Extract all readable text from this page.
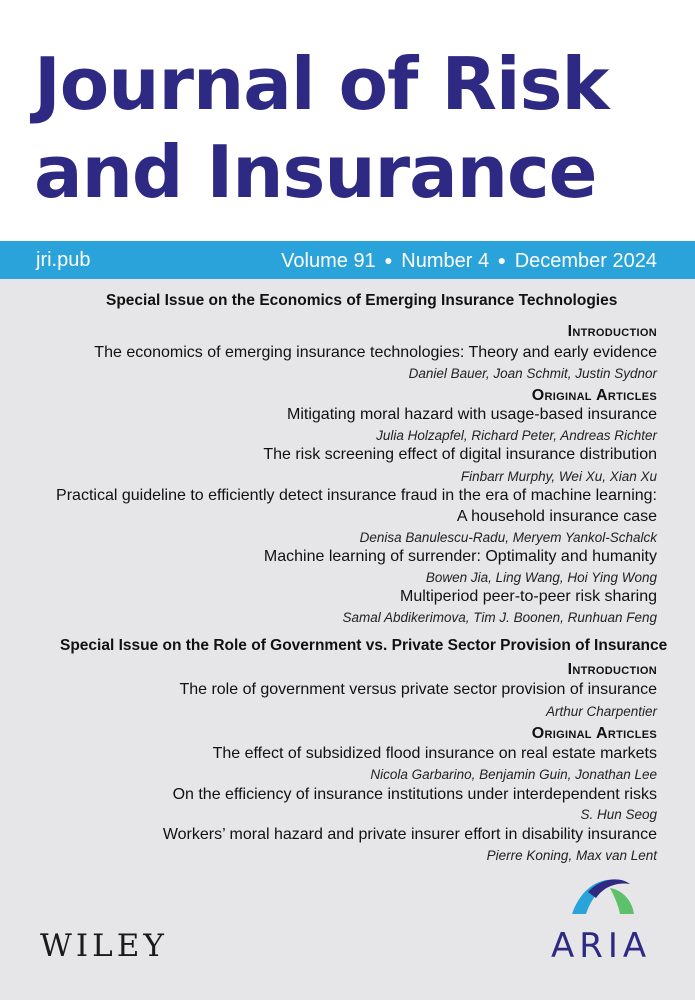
Journal of Risk
and Insurance
jri.pub	Volume 91 ● Number 4 ● December 2024
Special Issue on the Economics of Emerging Insurance Technologies
Introduction
The economics of emerging insurance technologies: Theory and early evidence
Daniel Bauer, Joan Schmit, Justin Sydnor
Original Articles
Mitigating moral hazard with usage-based insurance
Julia Holzapfel, Richard Peter, Andreas Richter
The risk screening effect of digital insurance distribution
Finbarr Murphy, Wei Xu, Xian Xu
Practical guideline to efficiently detect insurance fraud in the era of machine learning:
A household insurance case
Denisa Banulescu-Radu, Meryem Yankol-Schalck
Machine learning of surrender: Optimality and humanity
Bowen Jia, Ling Wang, Hoi Ying Wong
Multiperiod peer-to-peer risk sharing
Samal Abdikerimova, Tim J. Boonen, Runhuan Feng
Special Issue on the Role of Government vs. Private Sector Provision of Insurance
Introduction
The role of government versus private sector provision of insurance
Arthur Charpentier
Original Articles
The effect of subsidized flood insurance on real estate markets
Nicola Garbarino, Benjamin Guin, Jonathan Lee
On the efficiency of insurance institutions under interdependent risks
S. Hun Seog
Workers’ moral hazard and private insurer effort in disability insurance
Pierre Koning, Max van Lent
WILEY	ARIA
